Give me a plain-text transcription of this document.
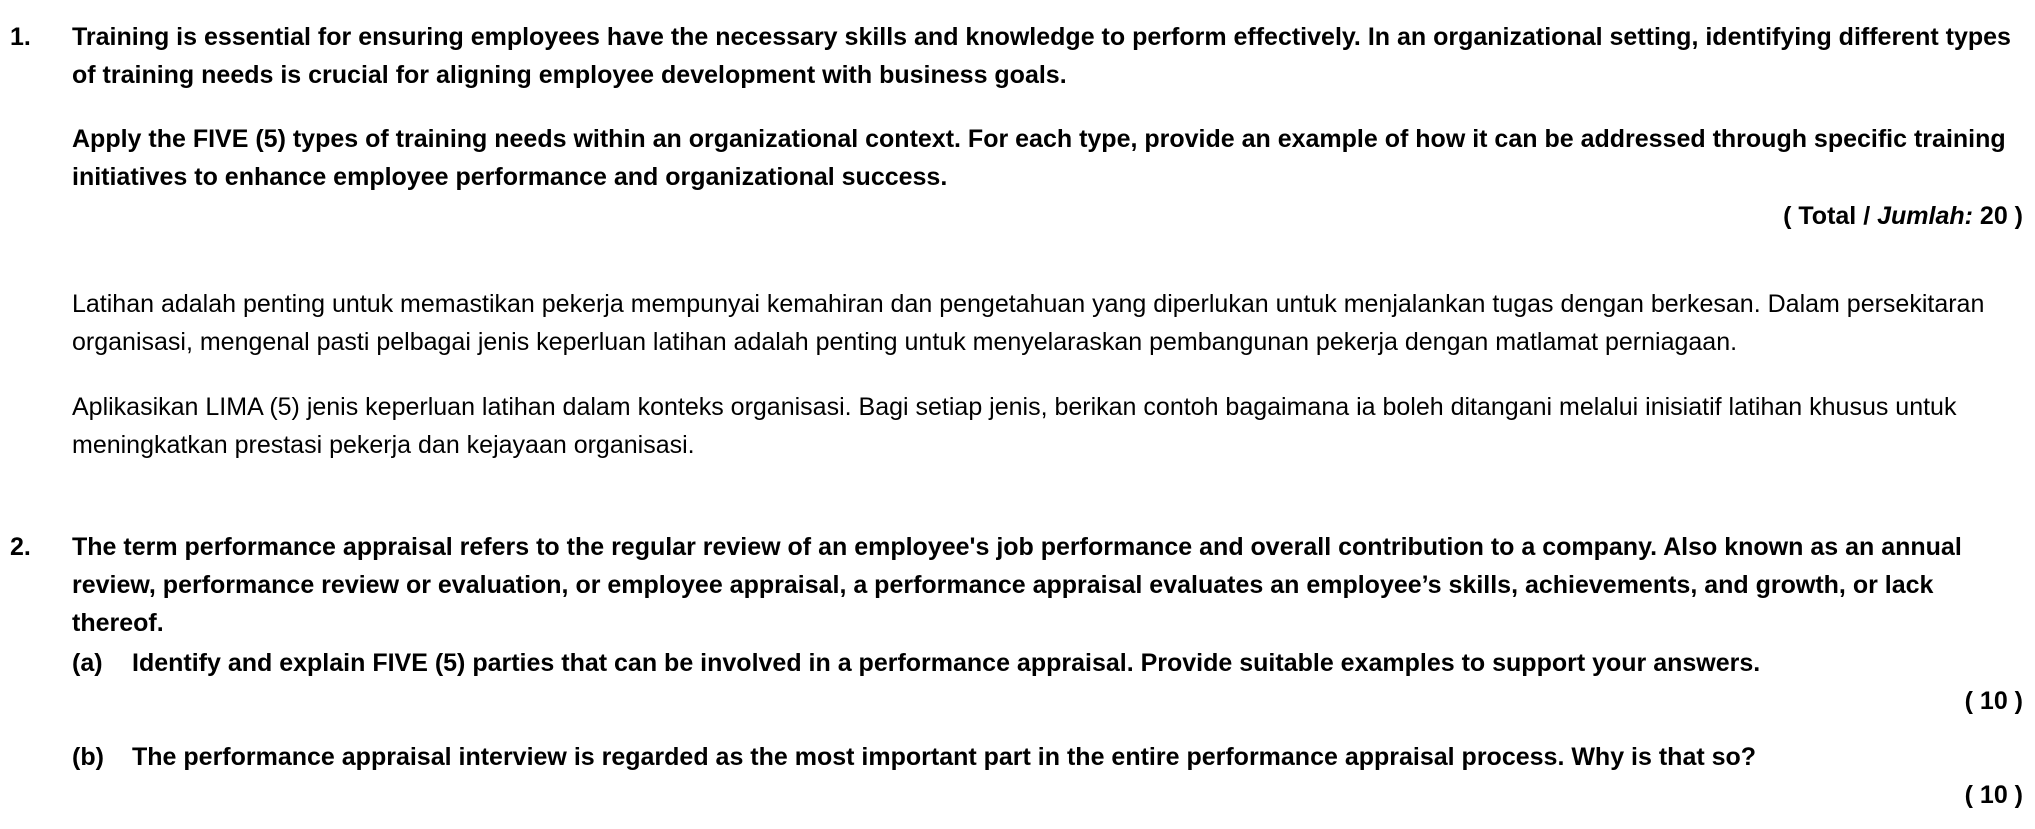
1. Training is essential for ensuring employees have the necessary skills and knowledge to perform effectively. In an organizational setting, identifying different types of training needs is crucial for aligning employee development with business goals.

Apply the FIVE (5) types of training needs within an organizational context. For each type, provide an example of how it can be addressed through specific training initiatives to enhance employee performance and organizational success.

( Total / Jumlah: 20 )

Latihan adalah penting untuk memastikan pekerja mempunyai kemahiran dan pengetahuan yang diperlukan untuk menjalankan tugas dengan berkesan. Dalam persekitaran organisasi, mengenal pasti pelbagai jenis keperluan latihan adalah penting untuk menyelaraskan pembangunan pekerja dengan matlamat perniagaan.

Aplikasikan LIMA (5) jenis keperluan latihan dalam konteks organisasi. Bagi setiap jenis, berikan contoh bagaimana ia boleh ditangani melalui inisiatif latihan khusus untuk meningkatkan prestasi pekerja dan kejayaan organisasi.

2. The term performance appraisal refers to the regular review of an employee's job performance and overall contribution to a company. Also known as an annual review, performance review or evaluation, or employee appraisal, a performance appraisal evaluates an employee’s skills, achievements, and growth, or lack thereof.

(a) Identify and explain FIVE (5) parties that can be involved in a performance appraisal. Provide suitable examples to support your answers.
( 10 )
(b) The performance appraisal interview is regarded as the most important part in the entire performance appraisal process. Why is that so?
( 10 )
